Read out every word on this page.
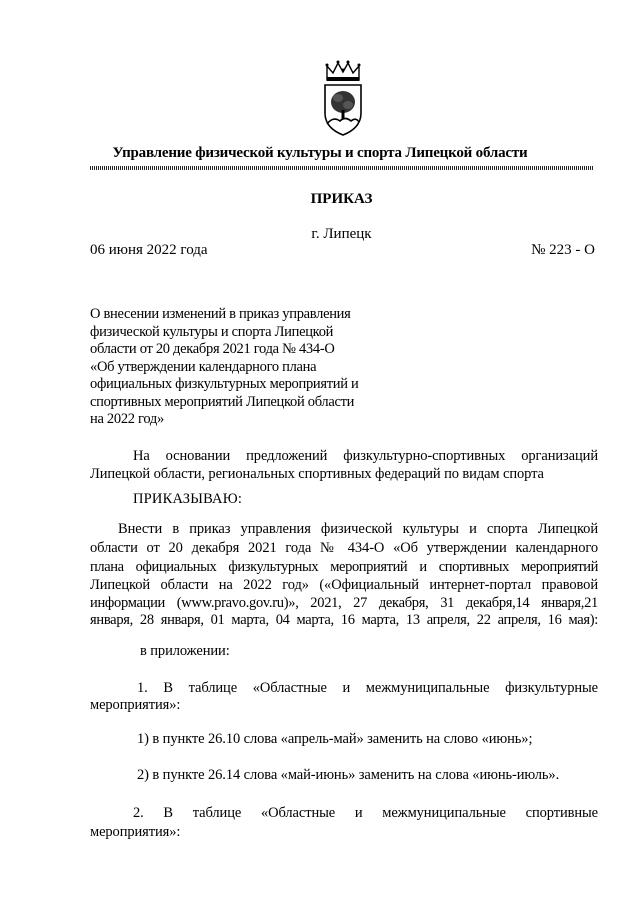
Управление физической культуры и спорта Липецкой области
ПРИКАЗ
г. Липецк
06 июня 2022 года	№ 223 - О
О внесении изменений в приказ управления
физической культуры и спорта Липецкой
области от 20 декабря 2021 года № 434-О
«Об утверждении календарного плана
официальных физкультурных мероприятий и
спортивных мероприятий Липецкой области
на 2022 год»
На основании предложений физкультурно-спортивных организаций
Липецкой области, региональных спортивных федераций по видам спорта
ПРИКАЗЫВАЮ:
Внести в приказ управления физической культуры и спорта Липецкой
области от 20 декабря 2021 года № 434-О «Об утверждении календарного
плана официальных физкультурных мероприятий и спортивных мероприятий
Липецкой области на 2022 год» («Официальный интернет-портал правовой
информации (www.pravo.gov.ru)», 2021, 27 декабря, 31 декабря,14 января,21
января, 28 января, 01 марта, 04 марта, 16 марта, 13 апреля, 22 апреля, 16 мая):
в приложении:
1. В таблице «Областные и межмуниципальные физкультурные
мероприятия»:
1) в пункте 26.10 слова «апрель-май» заменить на слово «июнь»;
2) в пункте 26.14 слова «май-июнь» заменить на слова «июнь-июль».
2. В таблице «Областные и межмуниципальные спортивные
мероприятия»:
